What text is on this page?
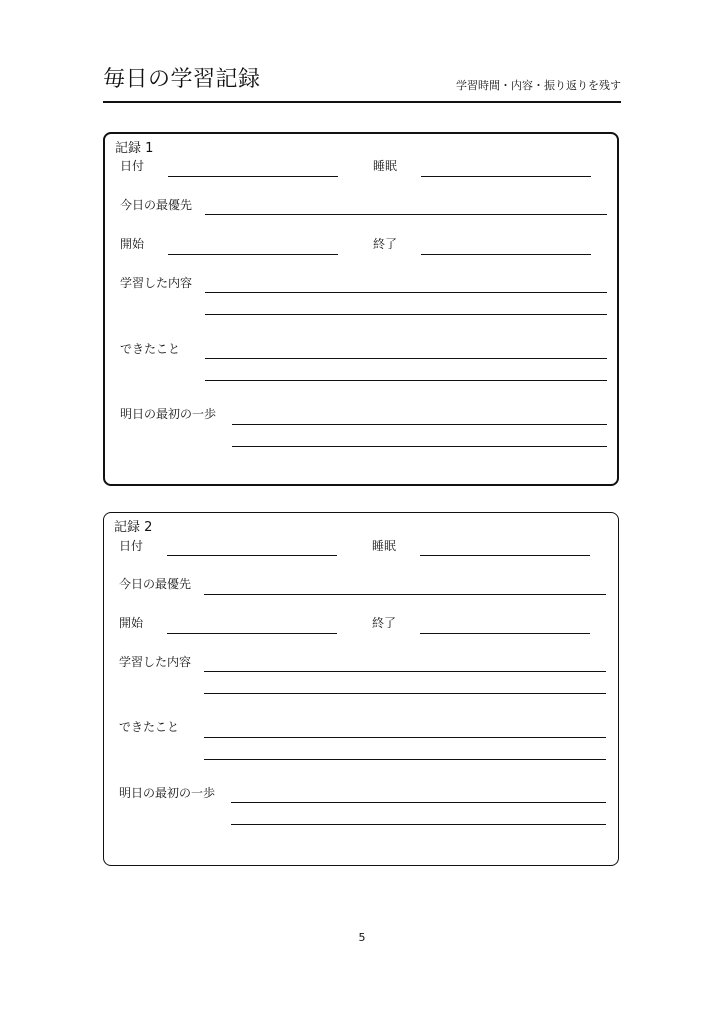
毎日の学習記録	学習時間・内容・振り返りを残す
記録 1
日付	睡眠
今日の最優先
開始	終了
学習した内容
できたこと
明日の最初の一歩
記録 2
日付	睡眠
今日の最優先
開始	終了
学習した内容
できたこと
明日の最初の一歩
5
